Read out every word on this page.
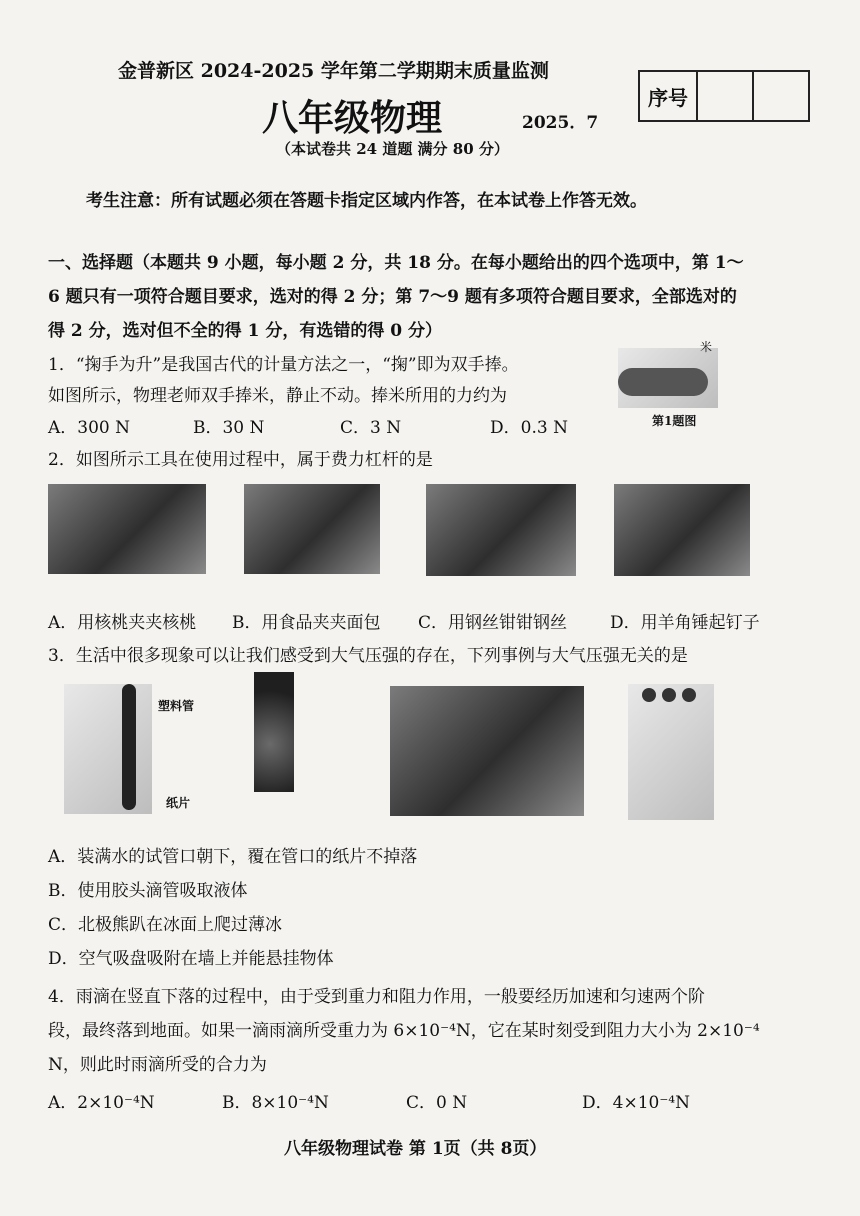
金普新区 2024-2025 学年第二学期期末质量监测
八年级物理	2025．7
（本试卷共 24 道题 满分 80 分）
序号
考生注意：所有试题必须在答题卡指定区域内作答，在本试卷上作答无效。
一、选择题（本题共 9 小题，每小题 2 分，共 18 分。在每小题给出的四个选项中，第 1～
6 题只有一项符合题目要求，选对的得 2 分；第 7～9 题有多项符合题目要求，全部选对的
得 2 分，选对但不全的得 1 分，有选错的得 0 分）
1．“掬手为升”是我国古代的计量方法之一，“掬”即为双手捧。
如图所示，物理老师双手捧米，静止不动。捧米所用的力约为
A．300 N	B．30 N	C．3 N	D．0.3 N
米
第1题图
2．如图所示工具在使用过程中，属于费力杠杆的是
A．用核桃夹夹核桃 B．用食品夹夹面包 C．用钢丝钳钳钢丝	D．用羊角锤起钉子
3．生活中很多现象可以让我们感受到大气压强的存在，下列事例与大气压强无关的是
塑料管
纸片
A．装满水的试管口朝下，覆在管口的纸片不掉落
B．使用胶头滴管吸取液体
C．北极熊趴在冰面上爬过薄冰
D．空气吸盘吸附在墙上并能悬挂物体
4．雨滴在竖直下落的过程中，由于受到重力和阻力作用，一般要经历加速和匀速两个阶
段，最终落到地面。如果一滴雨滴所受重力为 6×10⁻⁴N，它在某时刻受到阻力大小为 2×10⁻⁴
N，则此时雨滴所受的合力为
A．2×10⁻⁴N	B．8×10⁻⁴N	C．0 N	D．4×10⁻⁴N
八年级物理试卷 第 1页（共 8页）
